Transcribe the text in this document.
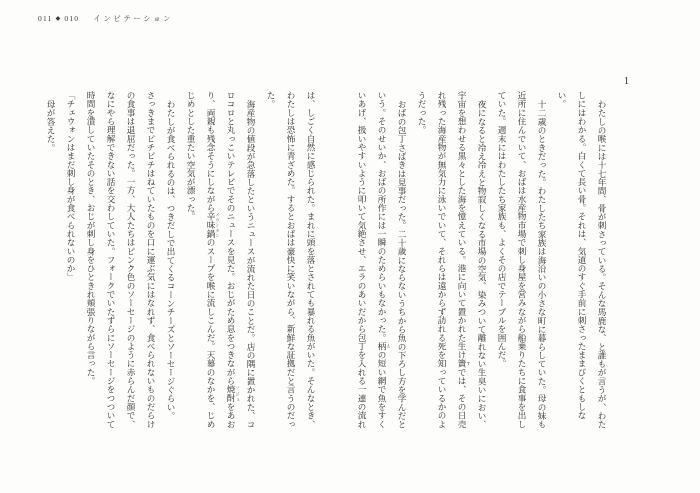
011 ◆ 010 インビテーション
1
わたしの喉には十七年間、骨が刺さっている。そんな馬鹿な、と誰もが言うが、わた
しにはわかる。白くて長い骨。それは、気道のすぐ手前に刺さったままびくともしない。
十二歳のときだった。わたしたち家族は海沿いの小さな町に暮らしていた。母の妹も
近所に住んでいて、おばは水産物市場で刺し身屋を営みながら船乗りたちに食事を出し
ていた。週末にはわたしたち家族も、よくその店でテーブルを囲んだ。
夜になると冷え冷えと物寂しくなる市場の空気、染みついて離れない生臭いにおい、
宇宙を想わせる黒々とした海を憶えている。港に向いて置かれた生け簀 すでは、その日売
れ残った海産物が無気力に泳いでいて、それらは遠からず訪れる死を知っているかのよ
うだった。
おばの包丁さばきは見事だった。二十歳にならないうちから魚の下ろし方を学んだと
いう。そのせいか、おばの所作には一瞬のためらいもなかった。柄 えの短い網で魚をすく
いあげ、扱いやすいように叩いて気絶させ、エラのあいだから包丁を入れる一連の流れ
は、しごく自然に感じられた。まれに頭を落とされても暴れる魚がいた。そんなとき、
わたしは恐怖に青ざめた。するとおばは豪快に笑いながら、新鮮な証拠だと言うのだっ
た。
海産物の値段が急落したというニュースが流れた日のことだ。店の隅に置かれた、コ
ロコロと丸っこいテレビでそのニュースを見た。おじがため息をつきながら焼酎 ソジュをあお
り、両親も残念そうにしながら辛味鍋 メウンタンのスープを喉に流しこんだ。天幕のなかを、じめ
じめとした重たい空気が漂った。
わたしが食べられるのは、つきだしで出てくるコーンチーズとソーセージぐらい。
さっきまでピチピチはねていたものを口に運ぶ気にはなれず、食べられないものだらけ
の食事は退屈だった。一方、大人たちはピンク色のソーセージのように赤らんだ顔で、
なにやら理解できない話を交わしていた。フォークでいたずらにソーセージをつついて
時間を潰していたそのとき、おじが刺し身をひときれ頬張りながら言った。
「チェウォンはまだ刺し身が食べられないのか」
母が答えた。
